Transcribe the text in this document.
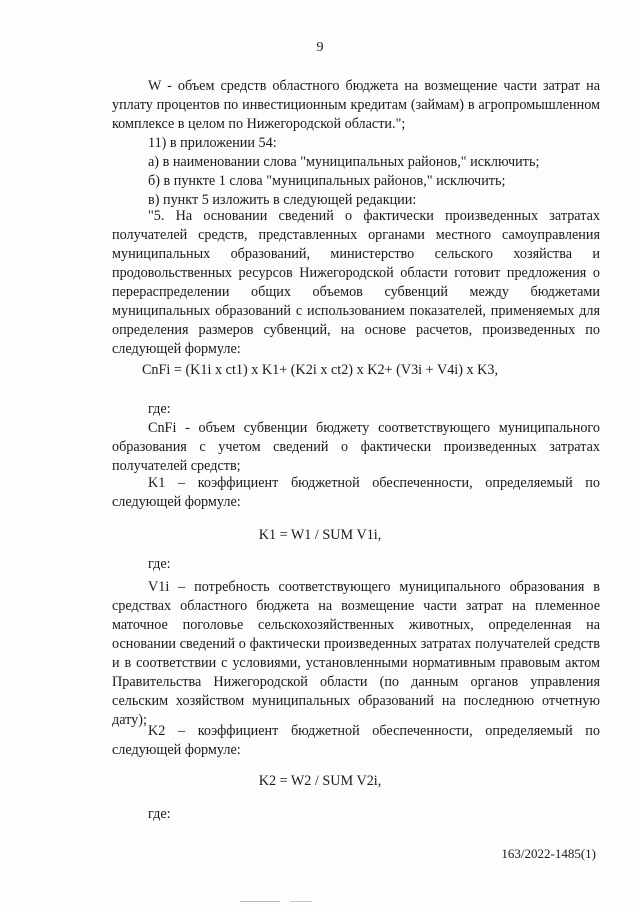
9

W - объем средств областного бюджета на возмещение части затрат на уплату процентов по инвестиционным кредитам (займам) в агропромышленном комплексе в целом по Нижегородской области.";

11) в приложении 54:

а) в наименовании слова "муниципальных районов," исключить;

б) в пункте 1 слова "муниципальных районов," исключить;

в) пункт 5 изложить в следующей редакции:

"5. На основании сведений о фактически произведенных затратах получателей средств, представленных органами местного самоуправления муниципальных образований, министерство сельского хозяйства и продовольственных ресурсов Нижегородской области готовит предложения о перераспределении общих объемов субвенций между бюджетами муниципальных образований с использованием показателей, применяемых для определения размеров субвенций, на основе расчетов, произведенных по следующей формуле:

CnFi = (K1i x ct1) x K1+ (K2i x ct2) x K2+ (V3i + V4i) x K3,
где:

CnFi - объем субвенции бюджету соответствующего муниципального образования с учетом сведений о фактически произведенных затратах получателей средств;

K1 – коэффициент бюджетной обеспеченности, определяемый по следующей формуле:

K1 = W1 / SUM V1i,
где:

V1i – потребность соответствующего муниципального образования в средствах областного бюджета на возмещение части затрат на племенное маточное поголовье сельскохозяйственных животных, определенная на основании сведений о фактически произведенных затратах получателей средств и в соответствии с условиями, установленными нормативным правовым актом Правительства Нижегородской области (по данным органов управления сельским хозяйством муниципальных образований на последнюю отчетную дату);

K2 – коэффициент бюджетной обеспеченности, определяемый по следующей формуле:

K2 = W2 / SUM V2i,
где:
163/2022-1485(1)
